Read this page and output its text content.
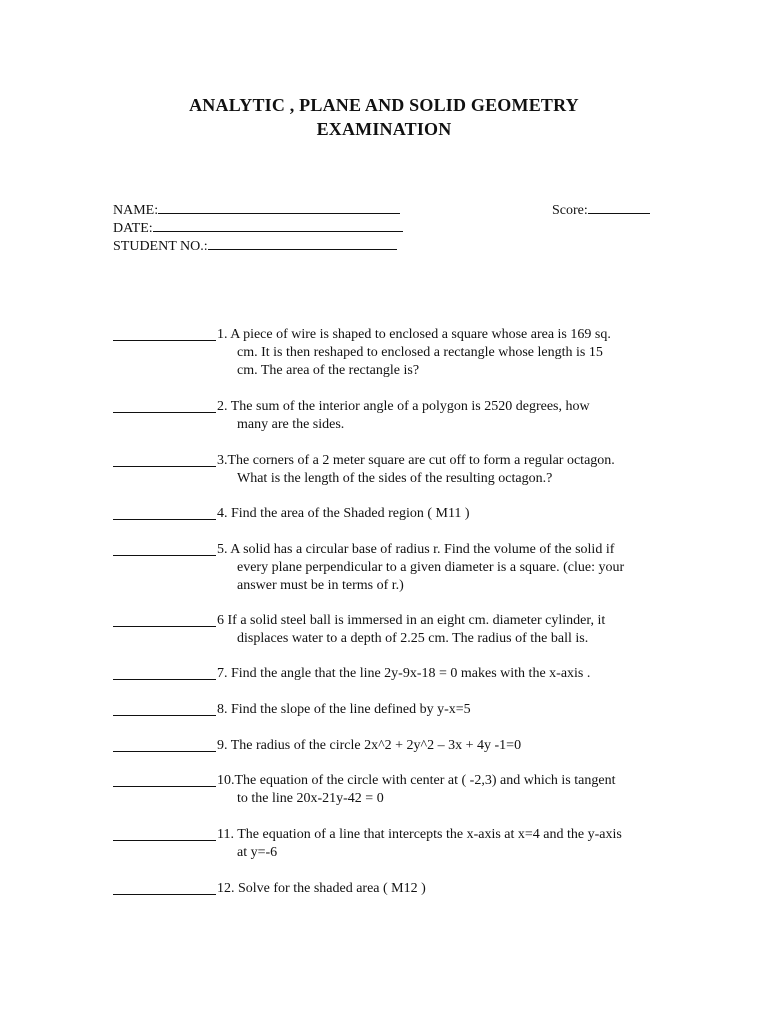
ANALYTIC , PLANE AND SOLID GEOMETRY
EXAMINATION
NAME:
DATE:
STUDENT NO.:
Score:
1. A piece of wire is shaped to enclosed a square whose area is 169 sq.
cm. It is then reshaped to enclosed a rectangle whose length is 15
cm. The area of the rectangle is?
2. The sum of the interior angle of a polygon is 2520 degrees, how
many are the sides.
3.The corners of a 2 meter square are cut off to form a regular octagon.
What is the length of the sides of the resulting octagon.?
4. Find the area of the Shaded region ( M11 )
5. A solid has a circular base of radius r. Find the volume of the solid if
every plane perpendicular to a given diameter is a square. (clue: your
answer must be in terms of r.)
6 If a solid steel ball is immersed in an eight cm. diameter cylinder, it
displaces water to a depth of 2.25 cm. The radius of the ball is.
7. Find the angle that the line 2y-9x-18 = 0 makes with the x-axis .
8. Find the slope of the line defined by y-x=5
9. The radius of the circle 2x^2 + 2y^2 – 3x + 4y -1=0
10.The equation of the circle with center at ( -2,3) and which is tangent
to the line 20x-21y-42 = 0
11. The equation of a line that intercepts the x-axis at x=4 and the y-axis
at y=-6
12. Solve for the shaded area ( M12 )
